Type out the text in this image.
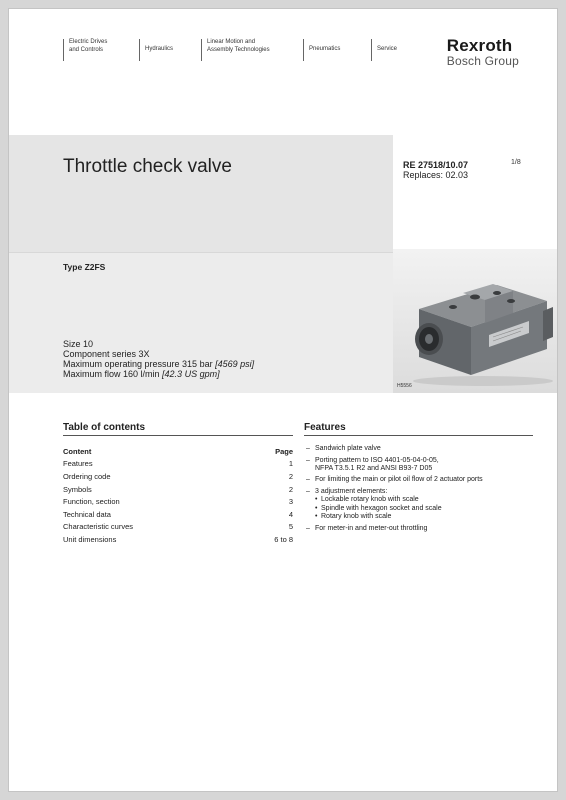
Electric Drives
and Controls	Hydraulics
Linear Motion and
Assembly Technologies	Pneumatics	Service	Rexroth
Bosch Group
Throttle check valve	RE 27518/10.07
Replaces: 02.03
1/8
Type Z2FS
Size 10
Component series 3X
Maximum operating pressure 315 bar [4569 psi]
Maximum flow 160 l/min [42.3 US gpm]
H5556
Table of contents
Content	Page
Features	1
Ordering code	2
Symbols	2
Function, section	3
Technical data	4
Characteristic curves	5
Unit dimensions	6 to 8
Features
– Sandwich plate valve
– Porting pattern to ISO 4401-05-04-0-05,
NFPA T3.5.1 R2 and ANSI B93-7 D05
– For limiting the main or pilot oil flow of 2 actuator ports
– 3 adjustment elements:
• Lockable rotary knob with scale
• Spindle with hexagon socket and scale
• Rotary knob with scale
– For meter-in and meter-out throttling
